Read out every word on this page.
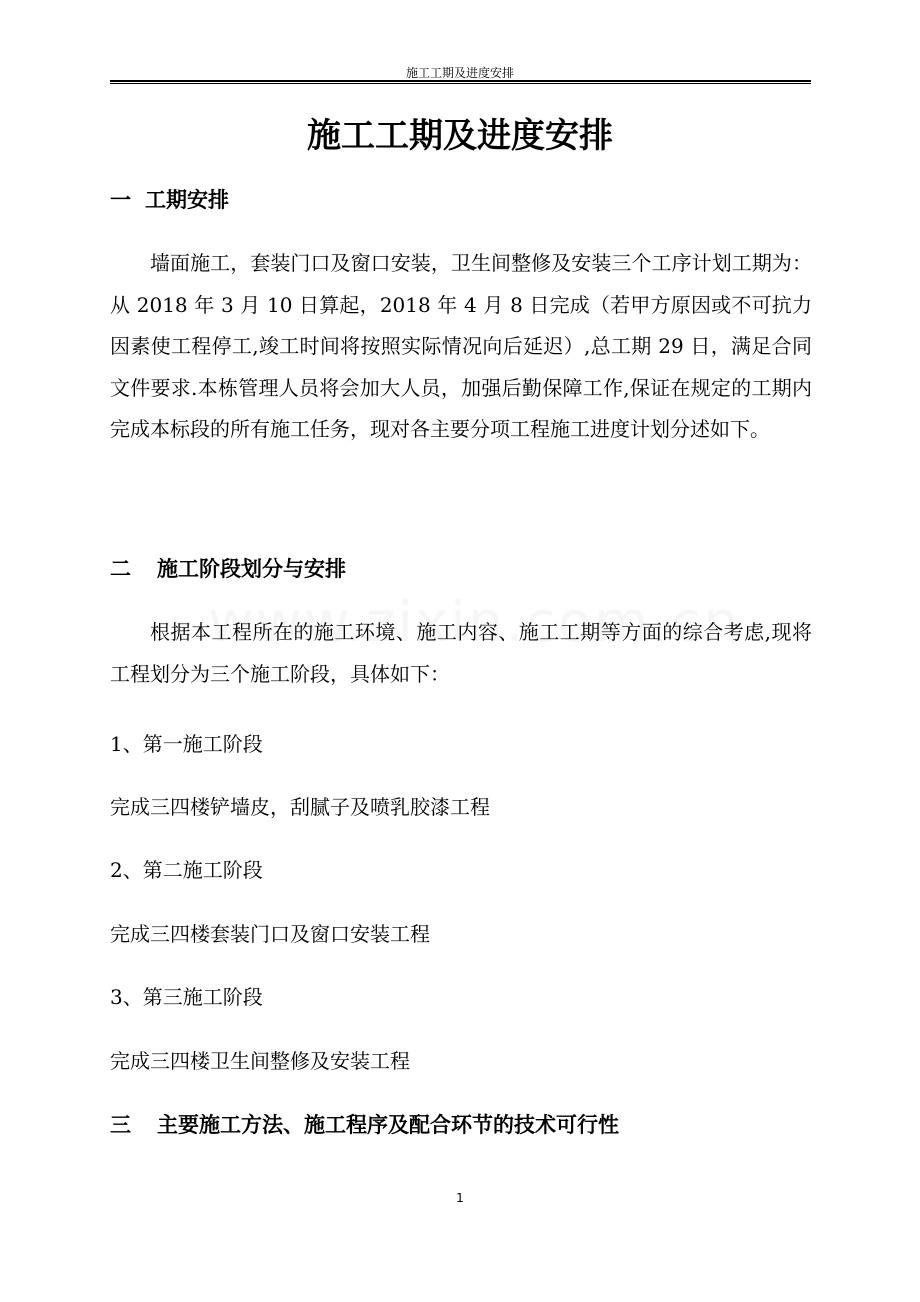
施工工期及进度安排
施工工期及进度安排
一 工期安排
墙面施工，套装门口及窗口安装，卫生间整修及安装三个工序计划工期为：从 2018 年 3 月 10 日算起，2018 年 4 月 8 日完成（若甲方原因或不可抗力因素使工程停工,竣工时间将按照实际情况向后延迟）,总工期 29 日，满足合同文件要求.本栋管理人员将会加大人员，加强后勤保障工作,保证在规定的工期内完成本标段的所有施工任务，现对各主要分项工程施工进度计划分述如下。
二 施工阶段划分与安排
根据本工程所在的施工环境、施工内容、施工工期等方面的综合考虑,现将工程划分为三个施工阶段，具体如下：
1、第一施工阶段
完成三四楼铲墙皮，刮腻子及喷乳胶漆工程
2、第二施工阶段
完成三四楼套装门口及窗口安装工程
3、第三施工阶段
完成三四楼卫生间整修及安装工程
三 主要施工方法、施工程序及配合环节的技术可行性
1
